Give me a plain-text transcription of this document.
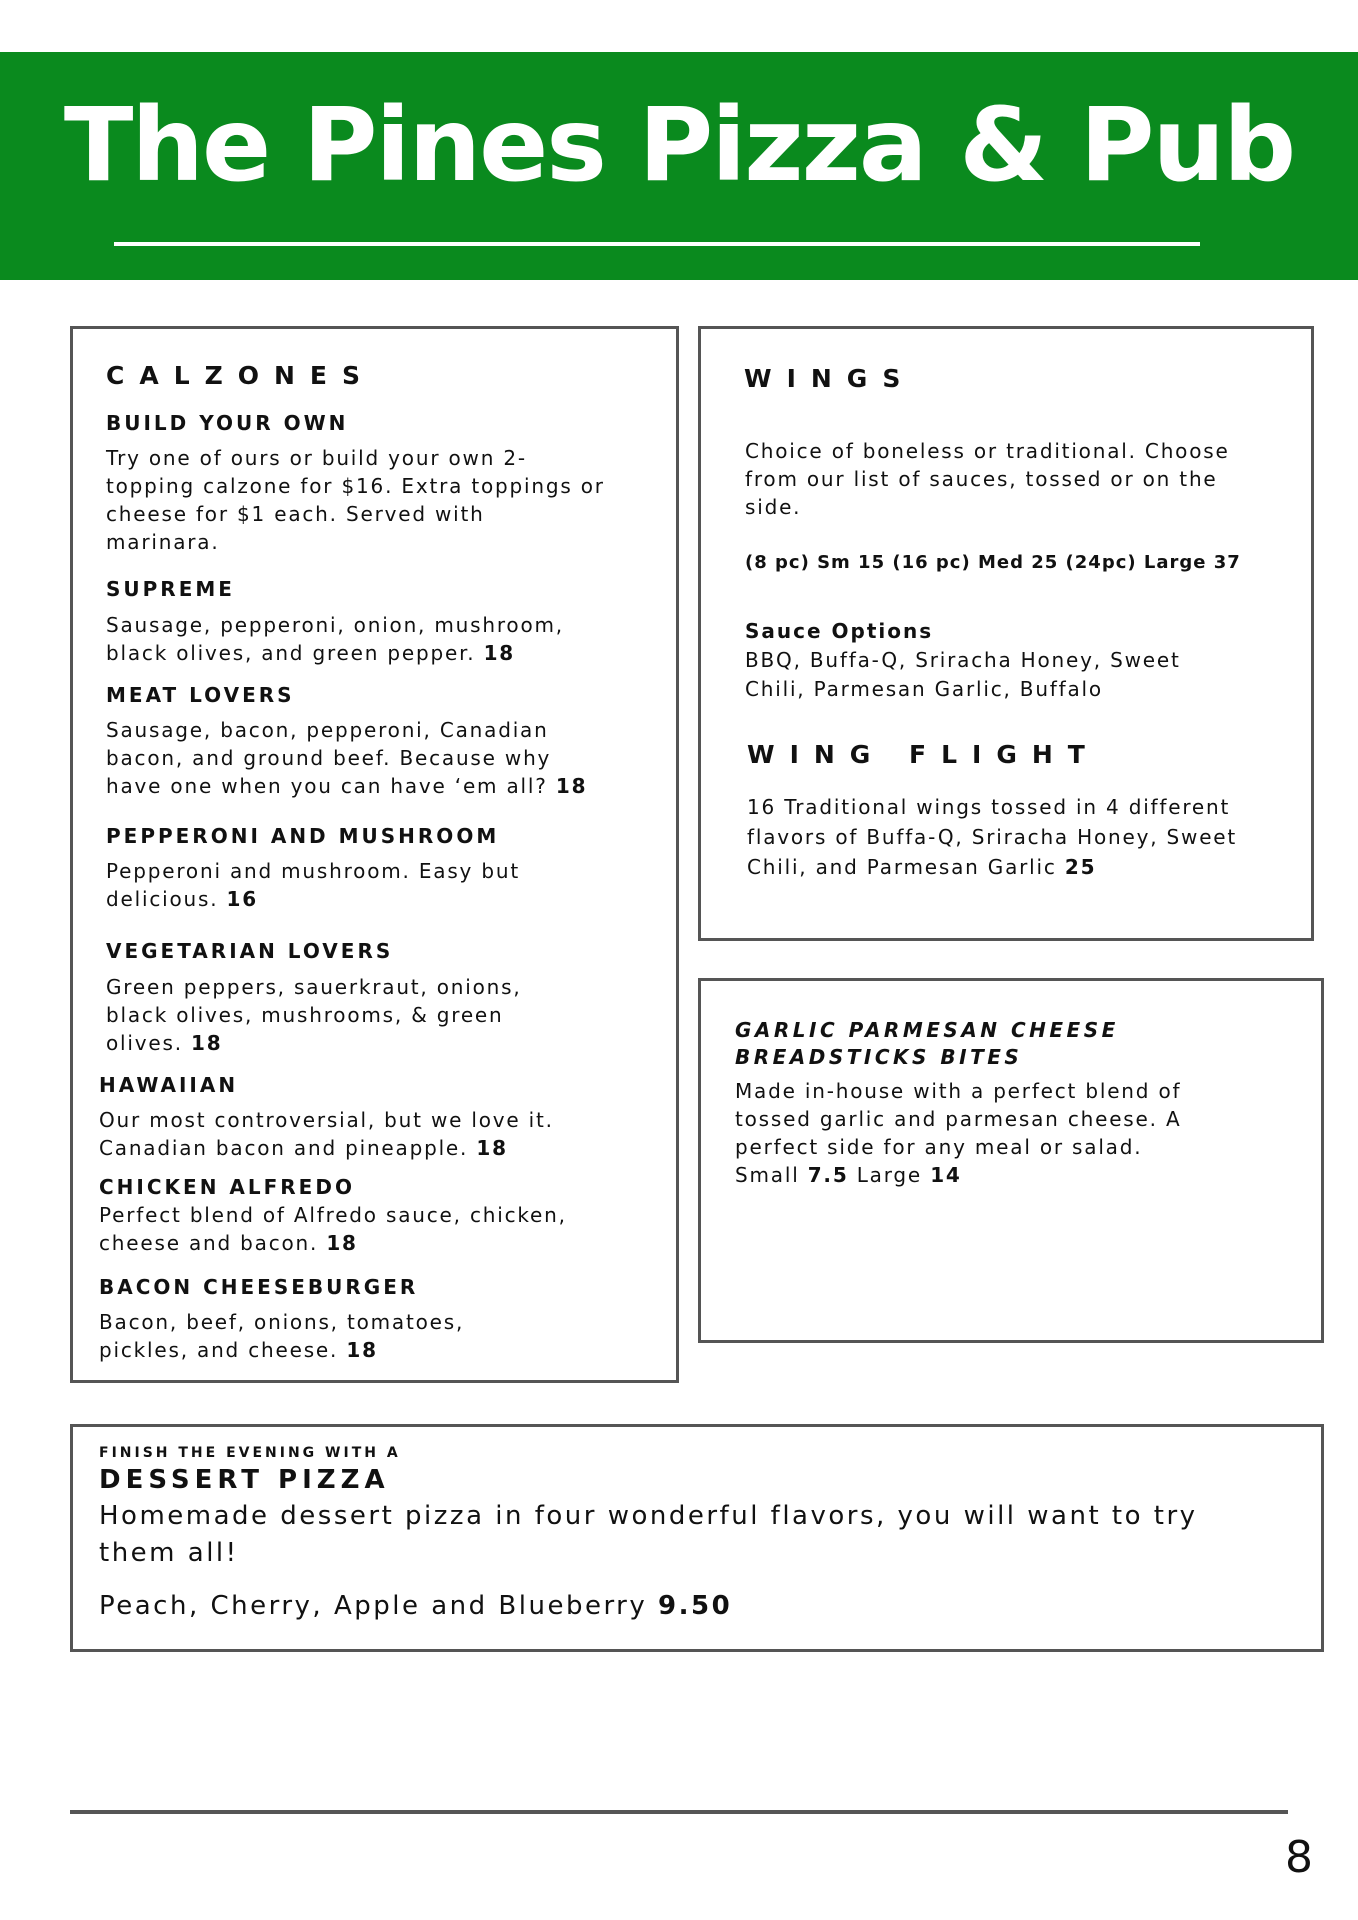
The Pines Pizza & Pub
CALZONES
BUILD YOUR OWN
Try one of ours or build your own 2-topping calzone for $16. Extra toppings or cheese for $1 each. Served with marinara.
SUPREME
Sausage, pepperoni, onion, mushroom, black olives, and green pepper. 18
MEAT LOVERS
Sausage, bacon, pepperoni, Canadian bacon, and ground beef. Because why have one when you can have ‘em all? 18
PEPPERONI AND MUSHROOM
Pepperoni and mushroom. Easy but delicious. 16
VEGETARIAN LOVERS
Green peppers, sauerkraut, onions, black olives, mushrooms, & green olives. 18
HAWAIIAN
Our most controversial, but we love it. Canadian bacon and pineapple. 18
CHICKEN ALFREDO
Perfect blend of Alfredo sauce, chicken, cheese and bacon. 18
BACON CHEESEBURGER
Bacon, beef, onions, tomatoes, pickles, and cheese. 18
WINGS
Choice of boneless or traditional. Choose from our list of sauces, tossed or on the side.
(8 pc) Sm 15 (16 pc) Med 25 (24pc) Large 37
Sauce Options
BBQ, Buffa-Q, Sriracha Honey, Sweet Chili, Parmesan Garlic, Buffalo
WING FLIGHT
16 Traditional wings tossed in 4 different flavors of Buffa-Q, Sriracha Honey, Sweet Chili, and Parmesan Garlic 25
GARLIC PARMESAN CHEESE BREADSTICKS BITES
Made in-house with a perfect blend of tossed garlic and parmesan cheese. A perfect side for any meal or salad. Small 7.5 Large 14
FINISH THE EVENING WITH A
DESSERT PIZZA
Homemade dessert pizza in four wonderful flavors, you will want to try them all!
Peach, Cherry, Apple and Blueberry 9.50
8
